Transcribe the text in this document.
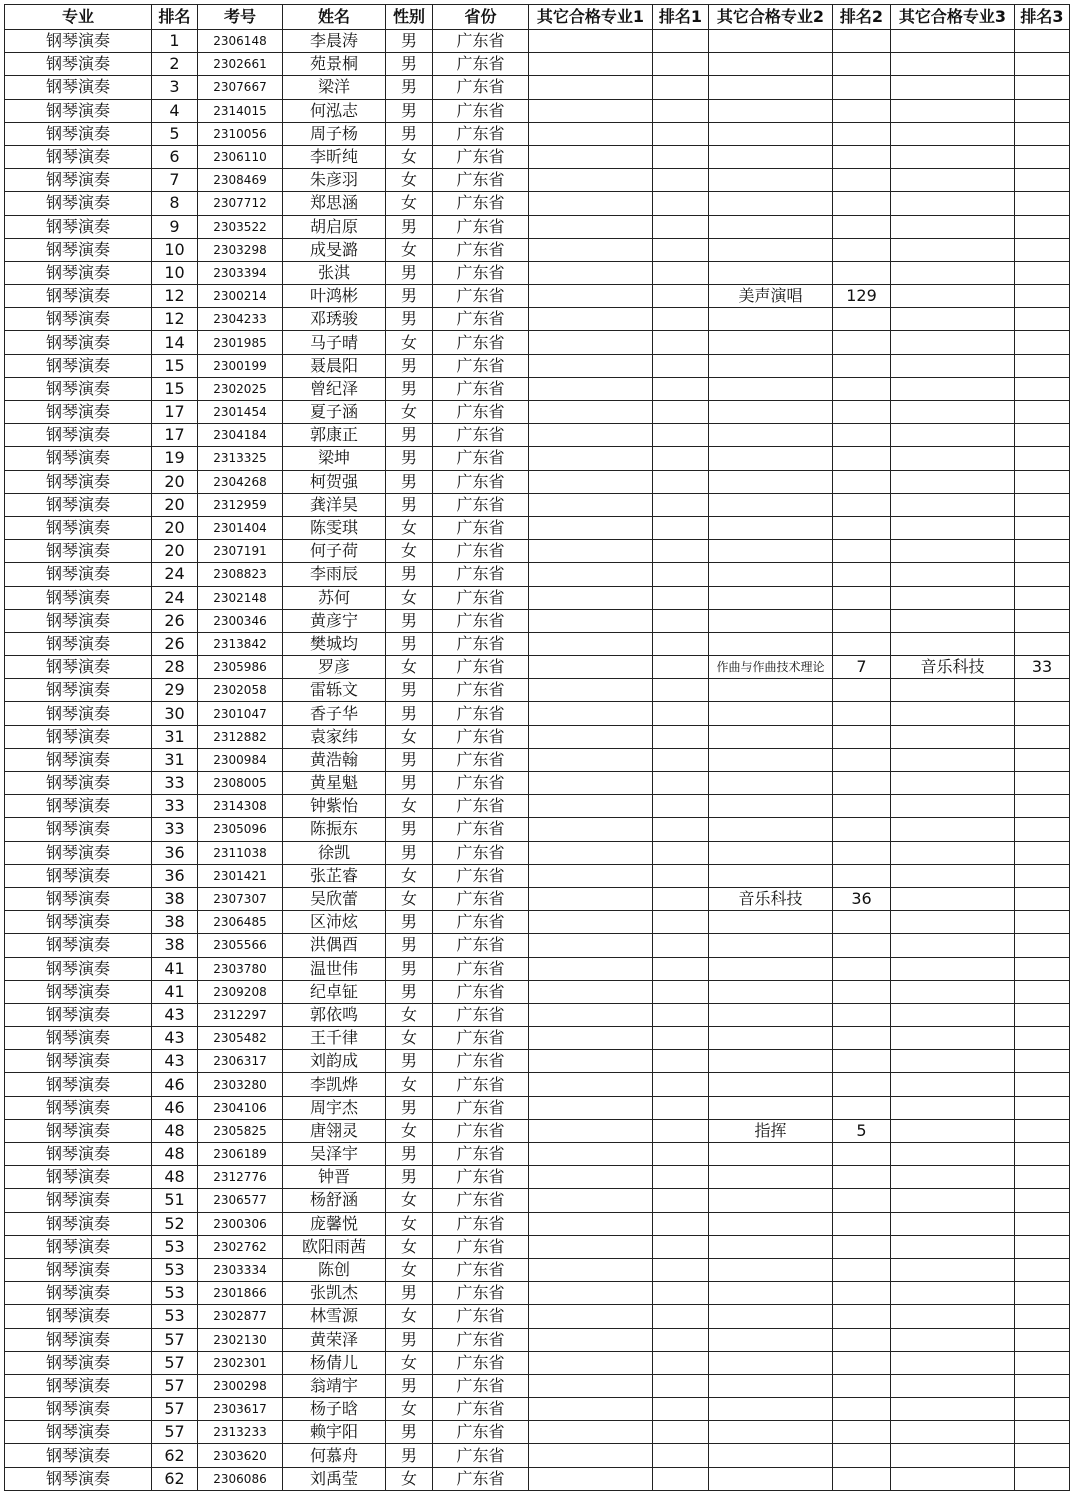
专业	排名	考号	姓名	性别	省份	其它合格专业1	排名1	其它合格专业2	排名2	其它合格专业3	排名3
钢琴演奏	1	2306148	李晨涛	男	广东省						
钢琴演奏	2	2302661	苑景桐	男	广东省						
钢琴演奏	3	2307667	梁洋	男	广东省						
钢琴演奏	4	2314015	何泓志	男	广东省						
钢琴演奏	5	2310056	周子杨	男	广东省						
钢琴演奏	6	2306110	李昕纯	女	广东省						
钢琴演奏	7	2308469	朱彦羽	女	广东省						
钢琴演奏	8	2307712	郑思涵	女	广东省						
钢琴演奏	9	2303522	胡启原	男	广东省						
钢琴演奏	10	2303298	成旻潞	女	广东省						
钢琴演奏	10	2303394	张淇	男	广东省						
钢琴演奏	12	2300214	叶鸿彬	男	广东省			美声演唱	129		
钢琴演奏	12	2304233	邓琇骏	男	广东省						
钢琴演奏	14	2301985	马子晴	女	广东省						
钢琴演奏	15	2300199	聂晨阳	男	广东省						
钢琴演奏	15	2302025	曾纪泽	男	广东省						
钢琴演奏	17	2301454	夏子涵	女	广东省						
钢琴演奏	17	2304184	郭康正	男	广东省						
钢琴演奏	19	2313325	梁坤	男	广东省						
钢琴演奏	20	2304268	柯贺强	男	广东省						
钢琴演奏	20	2312959	龚洋昊	男	广东省						
钢琴演奏	20	2301404	陈雯琪	女	广东省						
钢琴演奏	20	2307191	何子荷	女	广东省						
钢琴演奏	24	2308823	李雨辰	男	广东省						
钢琴演奏	24	2302148	苏何	女	广东省						
钢琴演奏	26	2300346	黄彦宁	男	广东省						
钢琴演奏	26	2313842	樊城均	男	广东省						
钢琴演奏	28	2305986	罗彦	女	广东省			作曲与作曲技术理论	7	音乐科技	33
钢琴演奏	29	2302058	雷轹文	男	广东省						
钢琴演奏	30	2301047	香子华	男	广东省						
钢琴演奏	31	2312882	袁家纬	女	广东省						
钢琴演奏	31	2300984	黄浩翰	男	广东省						
钢琴演奏	33	2308005	黄星魁	男	广东省						
钢琴演奏	33	2314308	钟紫怡	女	广东省						
钢琴演奏	33	2305096	陈振东	男	广东省						
钢琴演奏	36	2311038	徐凯	男	广东省						
钢琴演奏	36	2301421	张芷睿	女	广东省						
钢琴演奏	38	2307307	吴欣蕾	女	广东省			音乐科技	36		
钢琴演奏	38	2306485	区沛炫	男	广东省						
钢琴演奏	38	2305566	洪偶酉	男	广东省						
钢琴演奏	41	2303780	温世伟	男	广东省						
钢琴演奏	41	2309208	纪卓钲	男	广东省						
钢琴演奏	43	2312297	郭依鸣	女	广东省						
钢琴演奏	43	2305482	王千律	女	广东省						
钢琴演奏	43	2306317	刘韵成	男	广东省						
钢琴演奏	46	2303280	李凯烨	女	广东省						
钢琴演奏	46	2304106	周宇杰	男	广东省						
钢琴演奏	48	2305825	唐翎灵	女	广东省			指挥	5		
钢琴演奏	48	2306189	吴泽宇	男	广东省						
钢琴演奏	48	2312776	钟晋	男	广东省						
钢琴演奏	51	2306577	杨舒涵	女	广东省						
钢琴演奏	52	2300306	庞馨悦	女	广东省						
钢琴演奏	53	2302762	欧阳雨茜	女	广东省						
钢琴演奏	53	2303334	陈创	女	广东省						
钢琴演奏	53	2301866	张凯杰	男	广东省						
钢琴演奏	53	2302877	林雪源	女	广东省						
钢琴演奏	57	2302130	黄荣泽	男	广东省						
钢琴演奏	57	2302301	杨倩儿	女	广东省						
钢琴演奏	57	2300298	翁靖宇	男	广东省						
钢琴演奏	57	2303617	杨子晗	女	广东省						
钢琴演奏	57	2313233	赖宇阳	男	广东省						
钢琴演奏	62	2303620	何慕舟	男	广东省						
钢琴演奏	62	2306086	刘禹莹	女	广东省						
